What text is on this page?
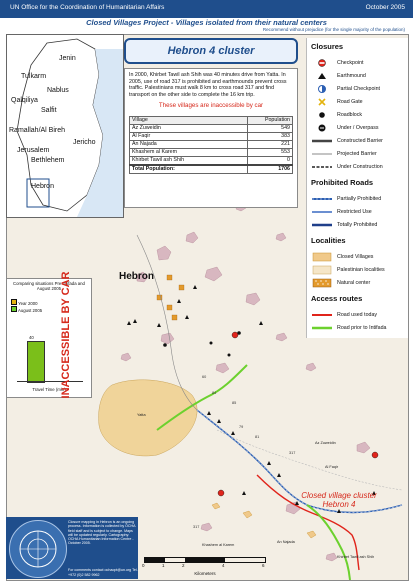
UN Office for the Coordination of Humanitarian Affairs	October 2005
Closed Villages Project - Villages isolated from their natural centers
Recommend without prejudice (for the single majority of the population)
Hebron
60
317
85
84
79
81
317
Az Zuweidin
Al Faqir
An Najada
Khashem al Karem
Khirbet Tawil ash Shih
Yatta
Closed village cluster
Hebron 4
Jenin
Tulkarm
Nablus
Qalqiliya
Salfit
Ramallah/Al Bireh
Jericho
Jerusalem
Bethlehem
Hebron
Hebron 4 cluster
In 2000, Khirbet Tawil ash Shih was 40 minutes drive from Yatta. In 2005, use of road 317 is prohibited and earthmounds prevent cross traffic. Palestinians must walk 8 km to cross road 317 and find transport on the other side to complete the 16 km trip.
These villages are inaccessible by car
Village	Population
Az Zuweidin	549
Al Faqir	383
An Najada	221
Khashem al Karem	553
Khirbet Tawil ash Shih	0
Total Population:	1706
Closures
Checkpoint
Earthmound
Partial Checkpoint
Road Gate
Roadblock
Under / Overpass
Constructed Barrier
Projected Barrier
Under Construction
Prohibited Roads
Partially Prohibited
Restricted Use
Totally Prohibited
Localities
Closed Villages
Palestinian localities
Natural center
Access routes
Road used today
Road prior to Intifada
Comparing situations Pre Intifada and August 2005
Year 2000
August 2005
40
Travel Time (min)
INACCESSIBLE BY CAR
Closure mapping in Hebron is an ongoing process. Information is collected by OCHA field staff and is subject to change. Maps will be updated regularly. Cartography: OCHA Humanitarian Information Centre - October 2005.
For comments contact ochaopt@un.org Tel. +972 (0)2 582 9962
0	1	2	4	6
Kilometers
